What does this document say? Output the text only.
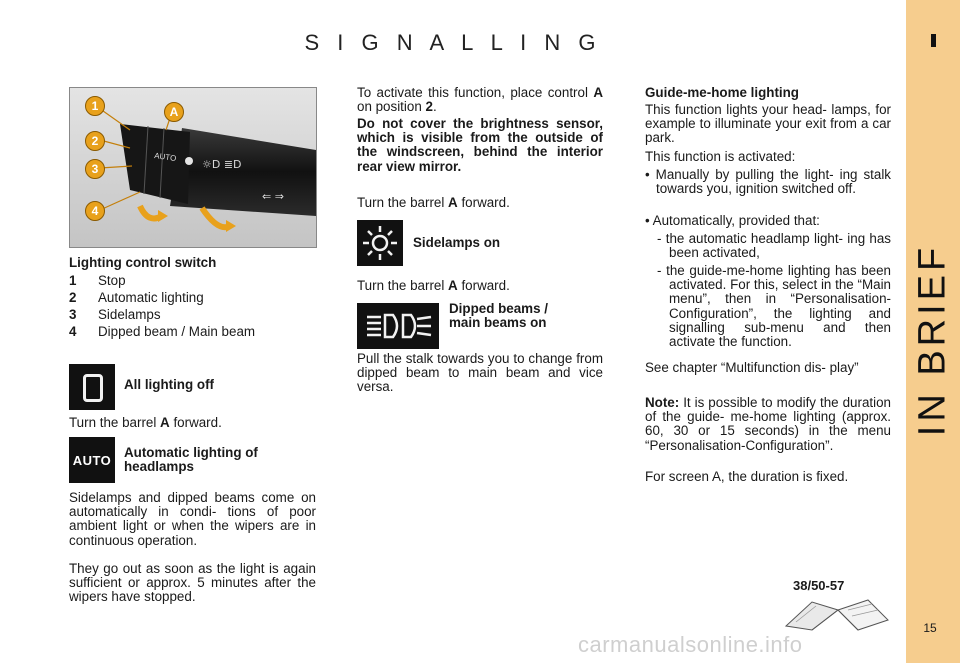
S I G N A L L I N G
IN BRIEF
AUTO
☼D ≣D
⇐ ⇒
1
2
3
4
A
Lighting control switch
1 Stop
2 Automatic lighting
3 Sidelamps
4 Dipped beam / Main beam
All lighting off
Turn the barrel A forward.
AUTO Automatic lighting of
headlamps

Sidelamps and dipped beams come on automatically in condi- tions of poor ambient light or when the wipers are in continuous operation.

They go out as soon as the light is again sufficient or approx. 5 minutes after the wipers have stopped.

To activate this function, place control A on position 2.

Do not cover the brightness sensor, which is visible from the outside of the windscreen, behind the interior rear view mirror.

Turn the barrel A forward.
Sidelamps on
Turn the barrel A forward.
Dipped beams /
main beams on

Pull the stalk towards you to change from dipped beam to main beam and vice versa.

Guide-me-home lighting

This function lights your head- lamps, for example to illuminate your exit from a car park.

This function is activated:

• Manually by pulling the light- ing stalk towards you, ignition switched off.

• Automatically, provided that:

- the automatic headlamp light- ing has been activated,

- the guide-me-home lighting has been activated. For this, select in the “Main menu”, then in “Personalisation- Configuration”, the lighting and signalling sub-menu and then activate the function.

See chapter “Multifunction dis- play”

Note: It is possible to modify the duration of the guide- me-home lighting (approx. 60, 30 or 15 seconds) in the menu “Personalisation-Configuration”.

For screen A, the duration is fixed.

38/50-57
15
carmanualsonline.info
